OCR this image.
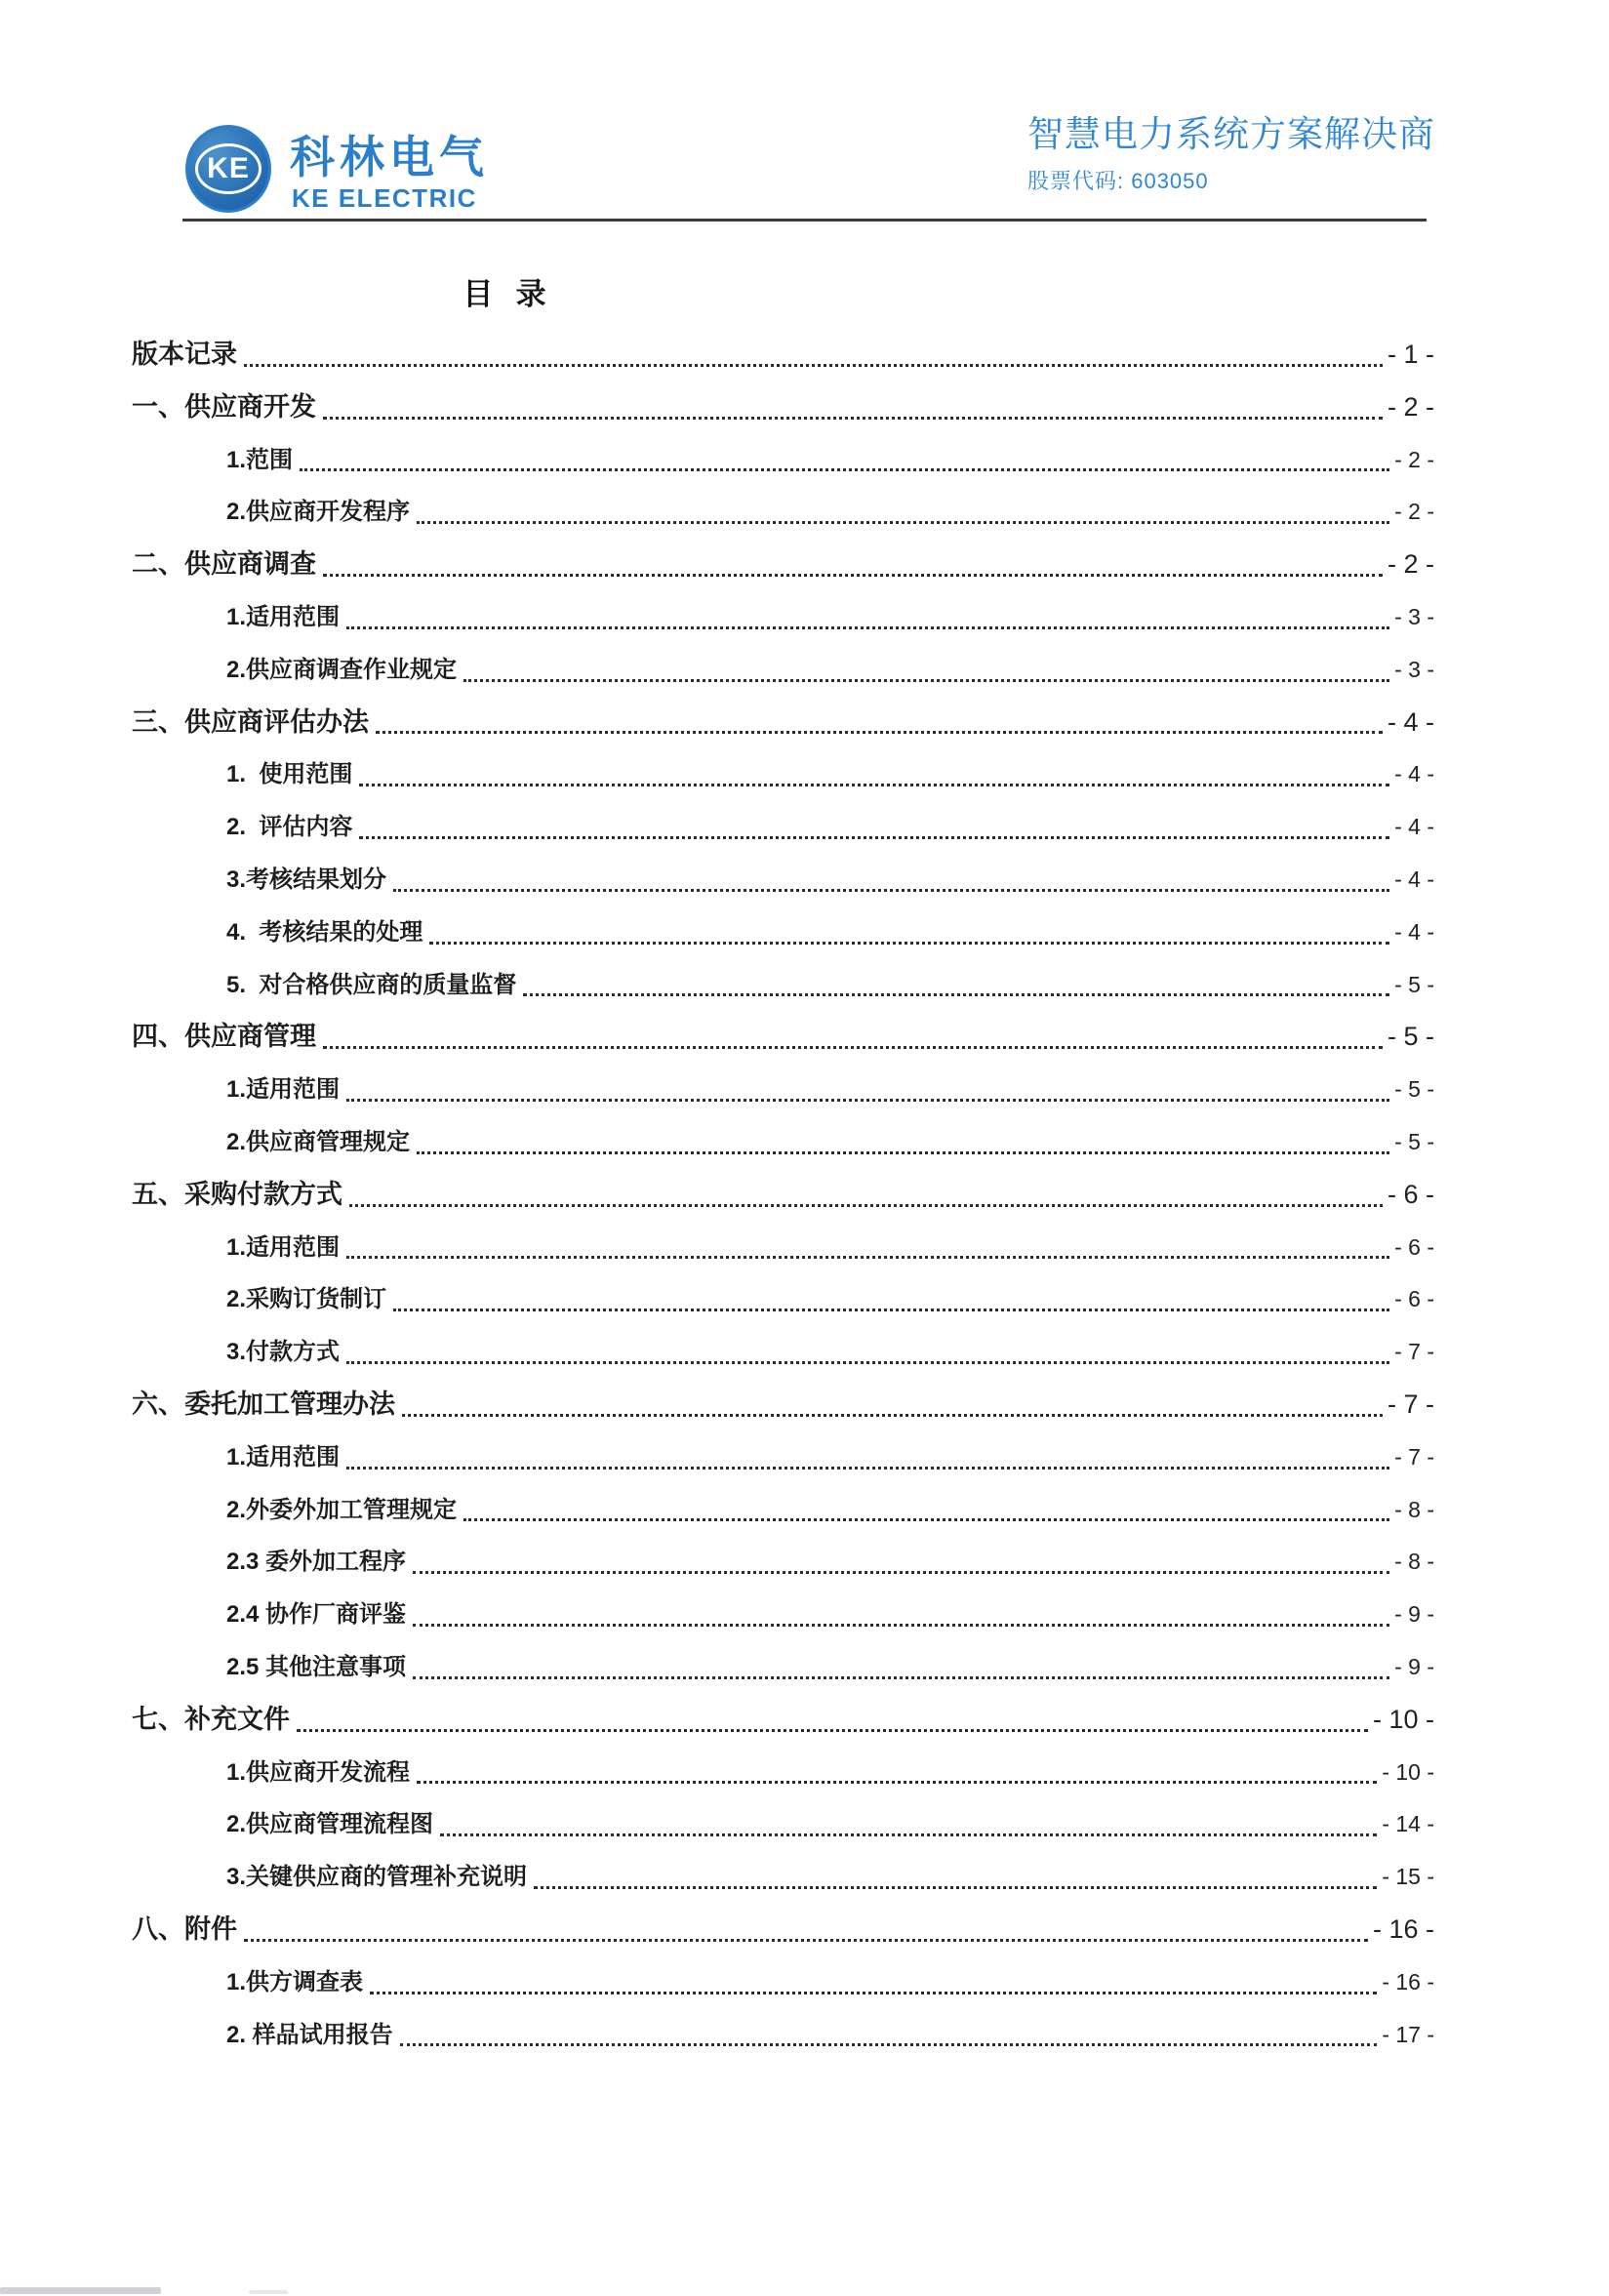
KE 科林电气
KE ELECTRIC
智慧电力系统方案解决商
股票代码: 603050
目  录
版本记录	- 1 -
一、供应商开发	- 2 -
1.范围	- 2 -
2.供应商开发程序	- 2 -
二、供应商调查	- 2 -
1.适用范围	- 3 -
2.供应商调查作业规定	- 3 -
三、供应商评估办法	- 4 -
1.  使用范围	- 4 -
2.  评估内容	- 4 -
3.考核结果划分	- 4 -
4.  考核结果的处理	- 4 -
5.  对合格供应商的质量监督	- 5 -
四、供应商管理	- 5 -
1.适用范围	- 5 -
2.供应商管理规定	- 5 -
五、采购付款方式	- 6 -
1.适用范围	- 6 -
2.采购订货制订	- 6 -
3.付款方式	- 7 -
六、委托加工管理办法	- 7 -
1.适用范围	- 7 -
2.外委外加工管理规定	- 8 -
2.3 委外加工程序	- 8 -
2.4 协作厂商评鉴	- 9 -
2.5 其他注意事项	- 9 -
七、补充文件	- 10 -
1.供应商开发流程	- 10 -
2.供应商管理流程图	- 14 -
3.关键供应商的管理补充说明	- 15 -
八、附件	- 16 -
1.供方调查表	- 16 -
2. 样品试用报告	- 17 -
